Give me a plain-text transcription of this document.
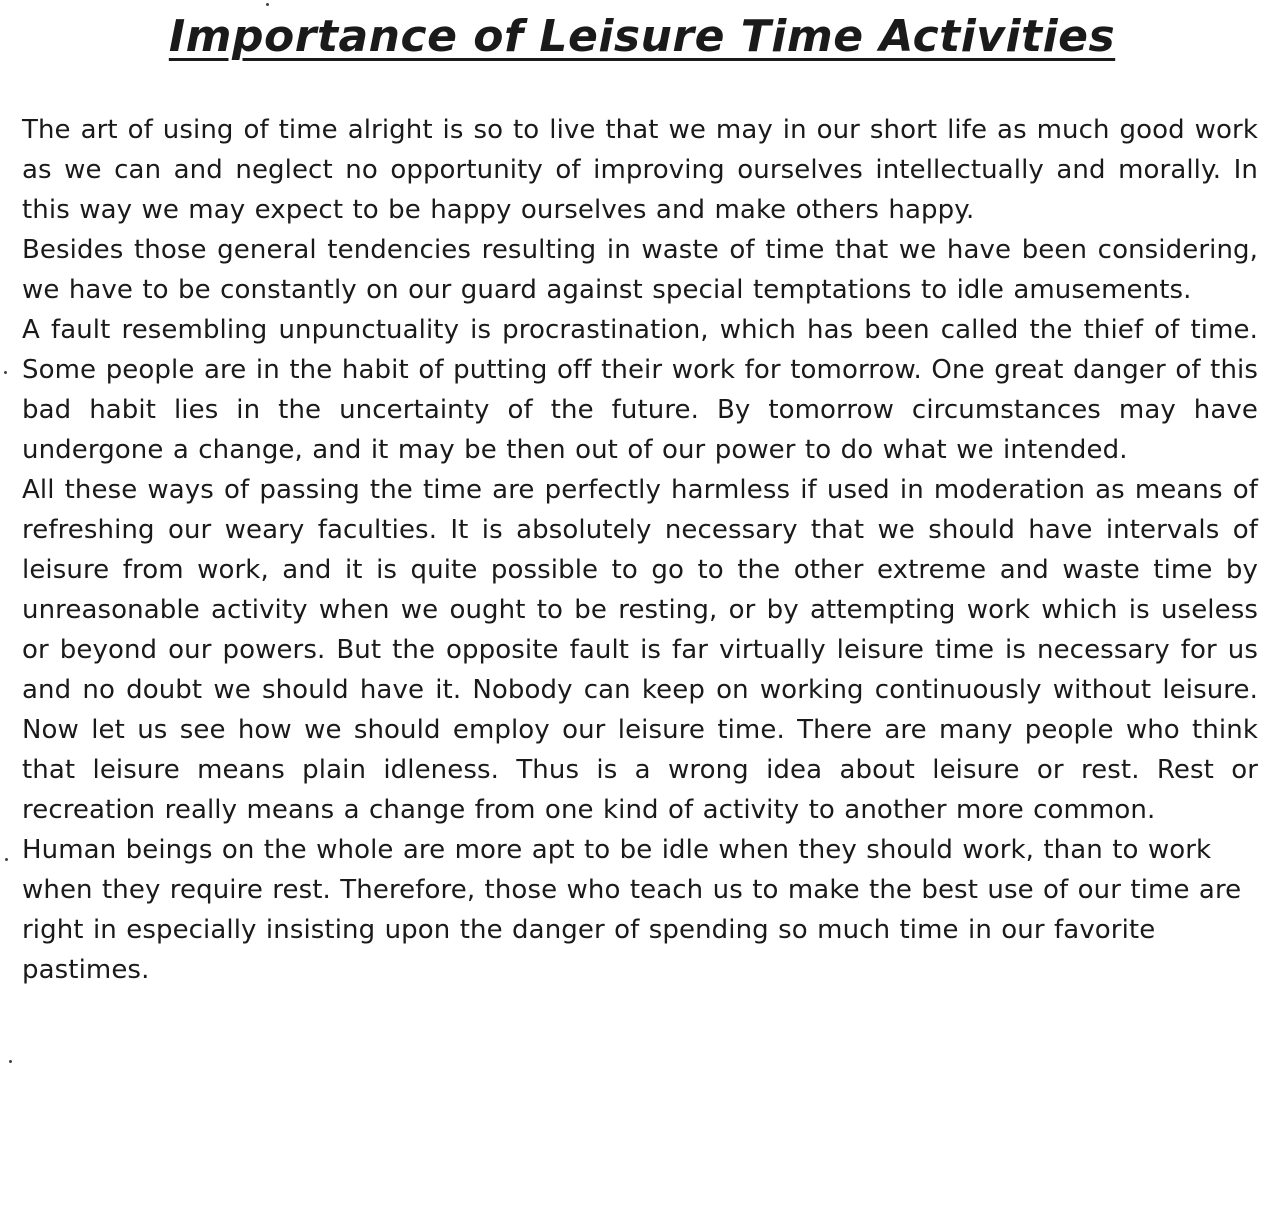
Importance of Leisure Time Activities

The art of using of time alright is so to live that we may in our short life as much good work as we can and neglect no opportunity of improving ourselves intellectually and morally. In this way we may expect to be happy ourselves and make others happy.

Besides those general tendencies resulting in waste of time that we have been considering, we have to be constantly on our guard against special temptations to idle amusements.

A fault resembling unpunctuality is procrastination, which has been called the thief of time. Some people are in the habit of putting off their work for tomorrow. One great danger of this bad habit lies in the uncertainty of the future. By tomorrow circumstances may have undergone a change, and it may be then out of our power to do what we intended.

All these ways of passing the time are perfectly harmless if used in moderation as means of refreshing our weary faculties. It is absolutely necessary that we should have intervals of leisure from work, and it is quite possible to go to the other extreme and waste time by unreasonable activity when we ought to be resting, or by attempting work which is useless or beyond our powers. But the opposite fault is far virtually leisure time is necessary for us and no doubt we should have it. Nobody can keep on working continuously without leisure. Now let us see how we should employ our leisure time. There are many people who think that leisure means plain idleness. Thus is a wrong idea about leisure or rest. Rest or recreation really means a change from one kind of activity to another more common.

Human beings on the whole are more apt to be idle when they should work, than to work when they require rest. Therefore, those who teach us to make the best use of our time are right in especially insisting upon the danger of spending so much time in our favorite pastimes.
